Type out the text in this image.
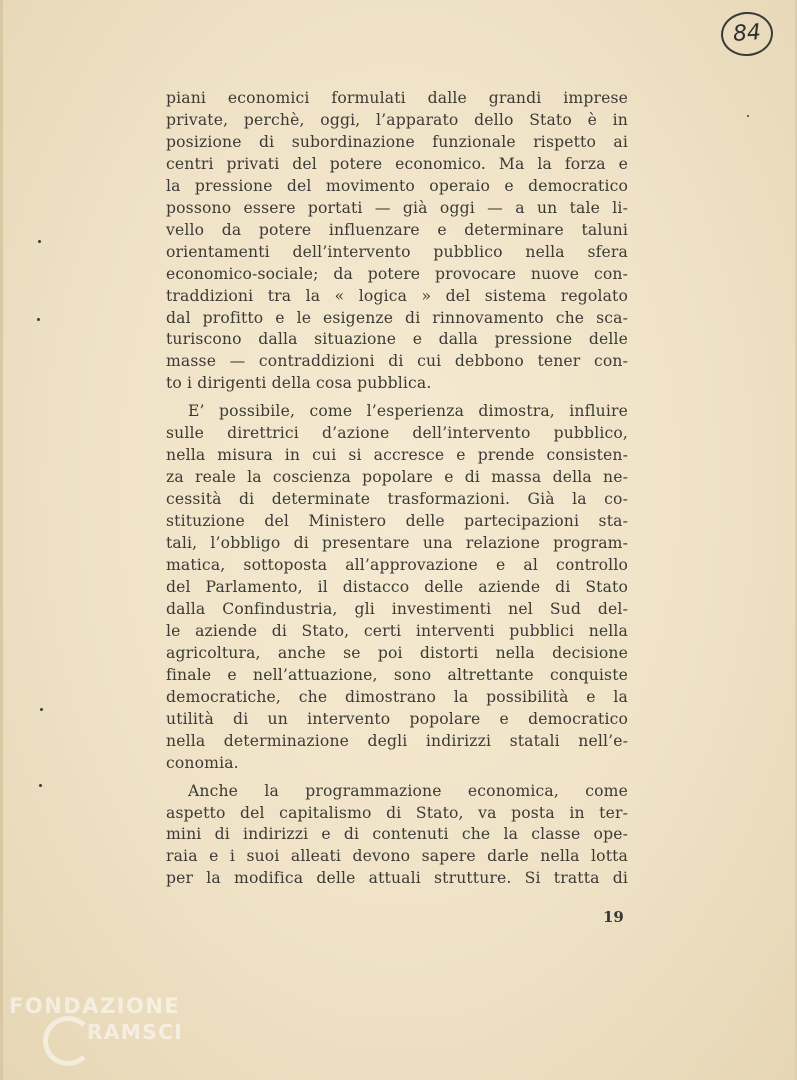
84
piani economici formulati dalle grandi imprese
private, perchè, oggi, l’apparato dello Stato è in
posizione di subordinazione funzionale rispetto ai
centri privati del potere economico. Ma la forza e
la pressione del movimento operaio e democratico
possono essere portati — già oggi — a un tale li-
vello da potere influenzare e determinare taluni
orientamenti dell’intervento pubblico nella sfera
economico-sociale; da potere provocare nuove con-
traddizioni tra la « logica » del sistema regolato
dal profitto e le esigenze di rinnovamento che sca-
turiscono dalla situazione e dalla pressione delle
masse — contraddizioni di cui debbono tener con-
to i dirigenti della cosa pubblica.
E’ possibile, come l’esperienza dimostra, influire
sulle direttrici d’azione dell’intervento pubblico,
nella misura in cui si accresce e prende consisten-
za reale la coscienza popolare e di massa della ne-
cessità di determinate trasformazioni. Già la co-
stituzione del Ministero delle partecipazioni sta-
tali, l’obbligo di presentare una relazione program-
matica, sottoposta all’approvazione e al controllo
del Parlamento, il distacco delle aziende di Stato
dalla Confindustria, gli investimenti nel Sud del-
le aziende di Stato, certi interventi pubblici nella
agricoltura, anche se poi distorti nella decisione
finale e nell’attuazione, sono altrettante conquiste
democratiche, che dimostrano la possibilità e la
utilità di un intervento popolare e democratico
nella determinazione degli indirizzi statali nell’e-
conomia.
Anche la programmazione economica, come
aspetto del capitalismo di Stato, va posta in ter-
mini di indirizzi e di contenuti che la classe ope-
raia e i suoi alleati devono sapere darle nella lotta
per la modifica delle attuali strutture. Si tratta di
19
FONDAZIONE
RAMSCI
